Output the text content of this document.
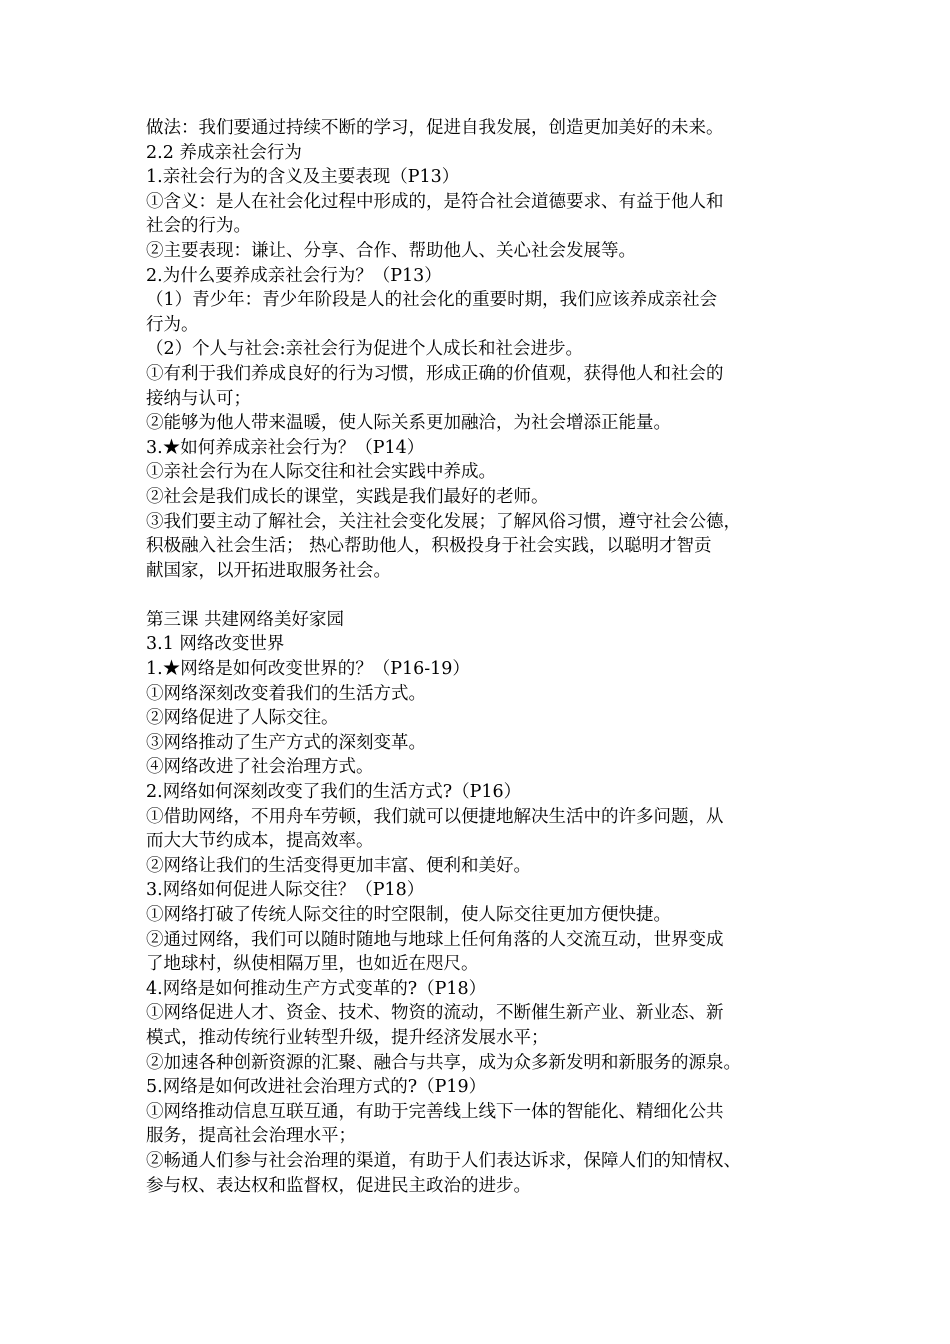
做法：我们要通过持续不断的学习，促进自我发展，创造更加美好的未来。
2.2 养成亲社会行为
1.亲社会行为的含义及主要表现（P13）
①含义：是人在社会化过程中形成的，是符合社会道德要求、有益于他人和
社会的行为。
②主要表现：谦让、分享、合作、帮助他人、关心社会发展等。
2.为什么要养成亲社会行为？（P13）
（1）青少年：青少年阶段是人的社会化的重要时期，我们应该养成亲社会
行为。
（2）个人与社会:亲社会行为促进个人成长和社会进步。
①有利于我们养成良好的行为习惯，形成正确的价值观，获得他人和社会的
接纳与认可；
②能够为他人带来温暖，使人际关系更加融洽，为社会增添正能量。
3.★如何养成亲社会行为？（P14）
①亲社会行为在人际交往和社会实践中养成。
②社会是我们成长的课堂，实践是我们最好的老师。
③我们要主动了解社会，关注社会变化发展；了解风俗习惯，遵守社会公德，
积极融入社会生活； 热心帮助他人，积极投身于社会实践，以聪明才智贡
献国家，以开拓进取服务社会。
第三课 共建网络美好家园
3.1 网络改变世界
1.★网络是如何改变世界的？（P16-19）
①网络深刻改变着我们的生活方式。
②网络促进了人际交往。
③网络推动了生产方式的深刻变革。
④网络改进了社会治理方式。
2.网络如何深刻改变了我们的生活方式?（P16）
①借助网络，不用舟车劳顿，我们就可以便捷地解决生活中的许多问题，从
而大大节约成本，提高效率。
②网络让我们的生活变得更加丰富、便利和美好。
3.网络如何促进人际交往？（P18）
①网络打破了传统人际交往的时空限制，使人际交往更加方便快捷。
②通过网络，我们可以随时随地与地球上任何角落的人交流互动，世界变成
了地球村，纵使相隔万里，也如近在咫尺。
4.网络是如何推动生产方式变革的?（P18）
①网络促进人才、资金、技术、物资的流动，不断催生新产业、新业态、新
模式，推动传统行业转型升级，提升经济发展水平；
②加速各种创新资源的汇聚、融合与共享，成为众多新发明和新服务的源泉。
5.网络是如何改进社会治理方式的?（P19）
①网络推动信息互联互通，有助于完善线上线下一体的智能化、精细化公共
服务，提高社会治理水平；
②畅通人们参与社会治理的渠道，有助于人们表达诉求，保障人们的知情权、
参与权、表达权和监督权，促进民主政治的进步。
